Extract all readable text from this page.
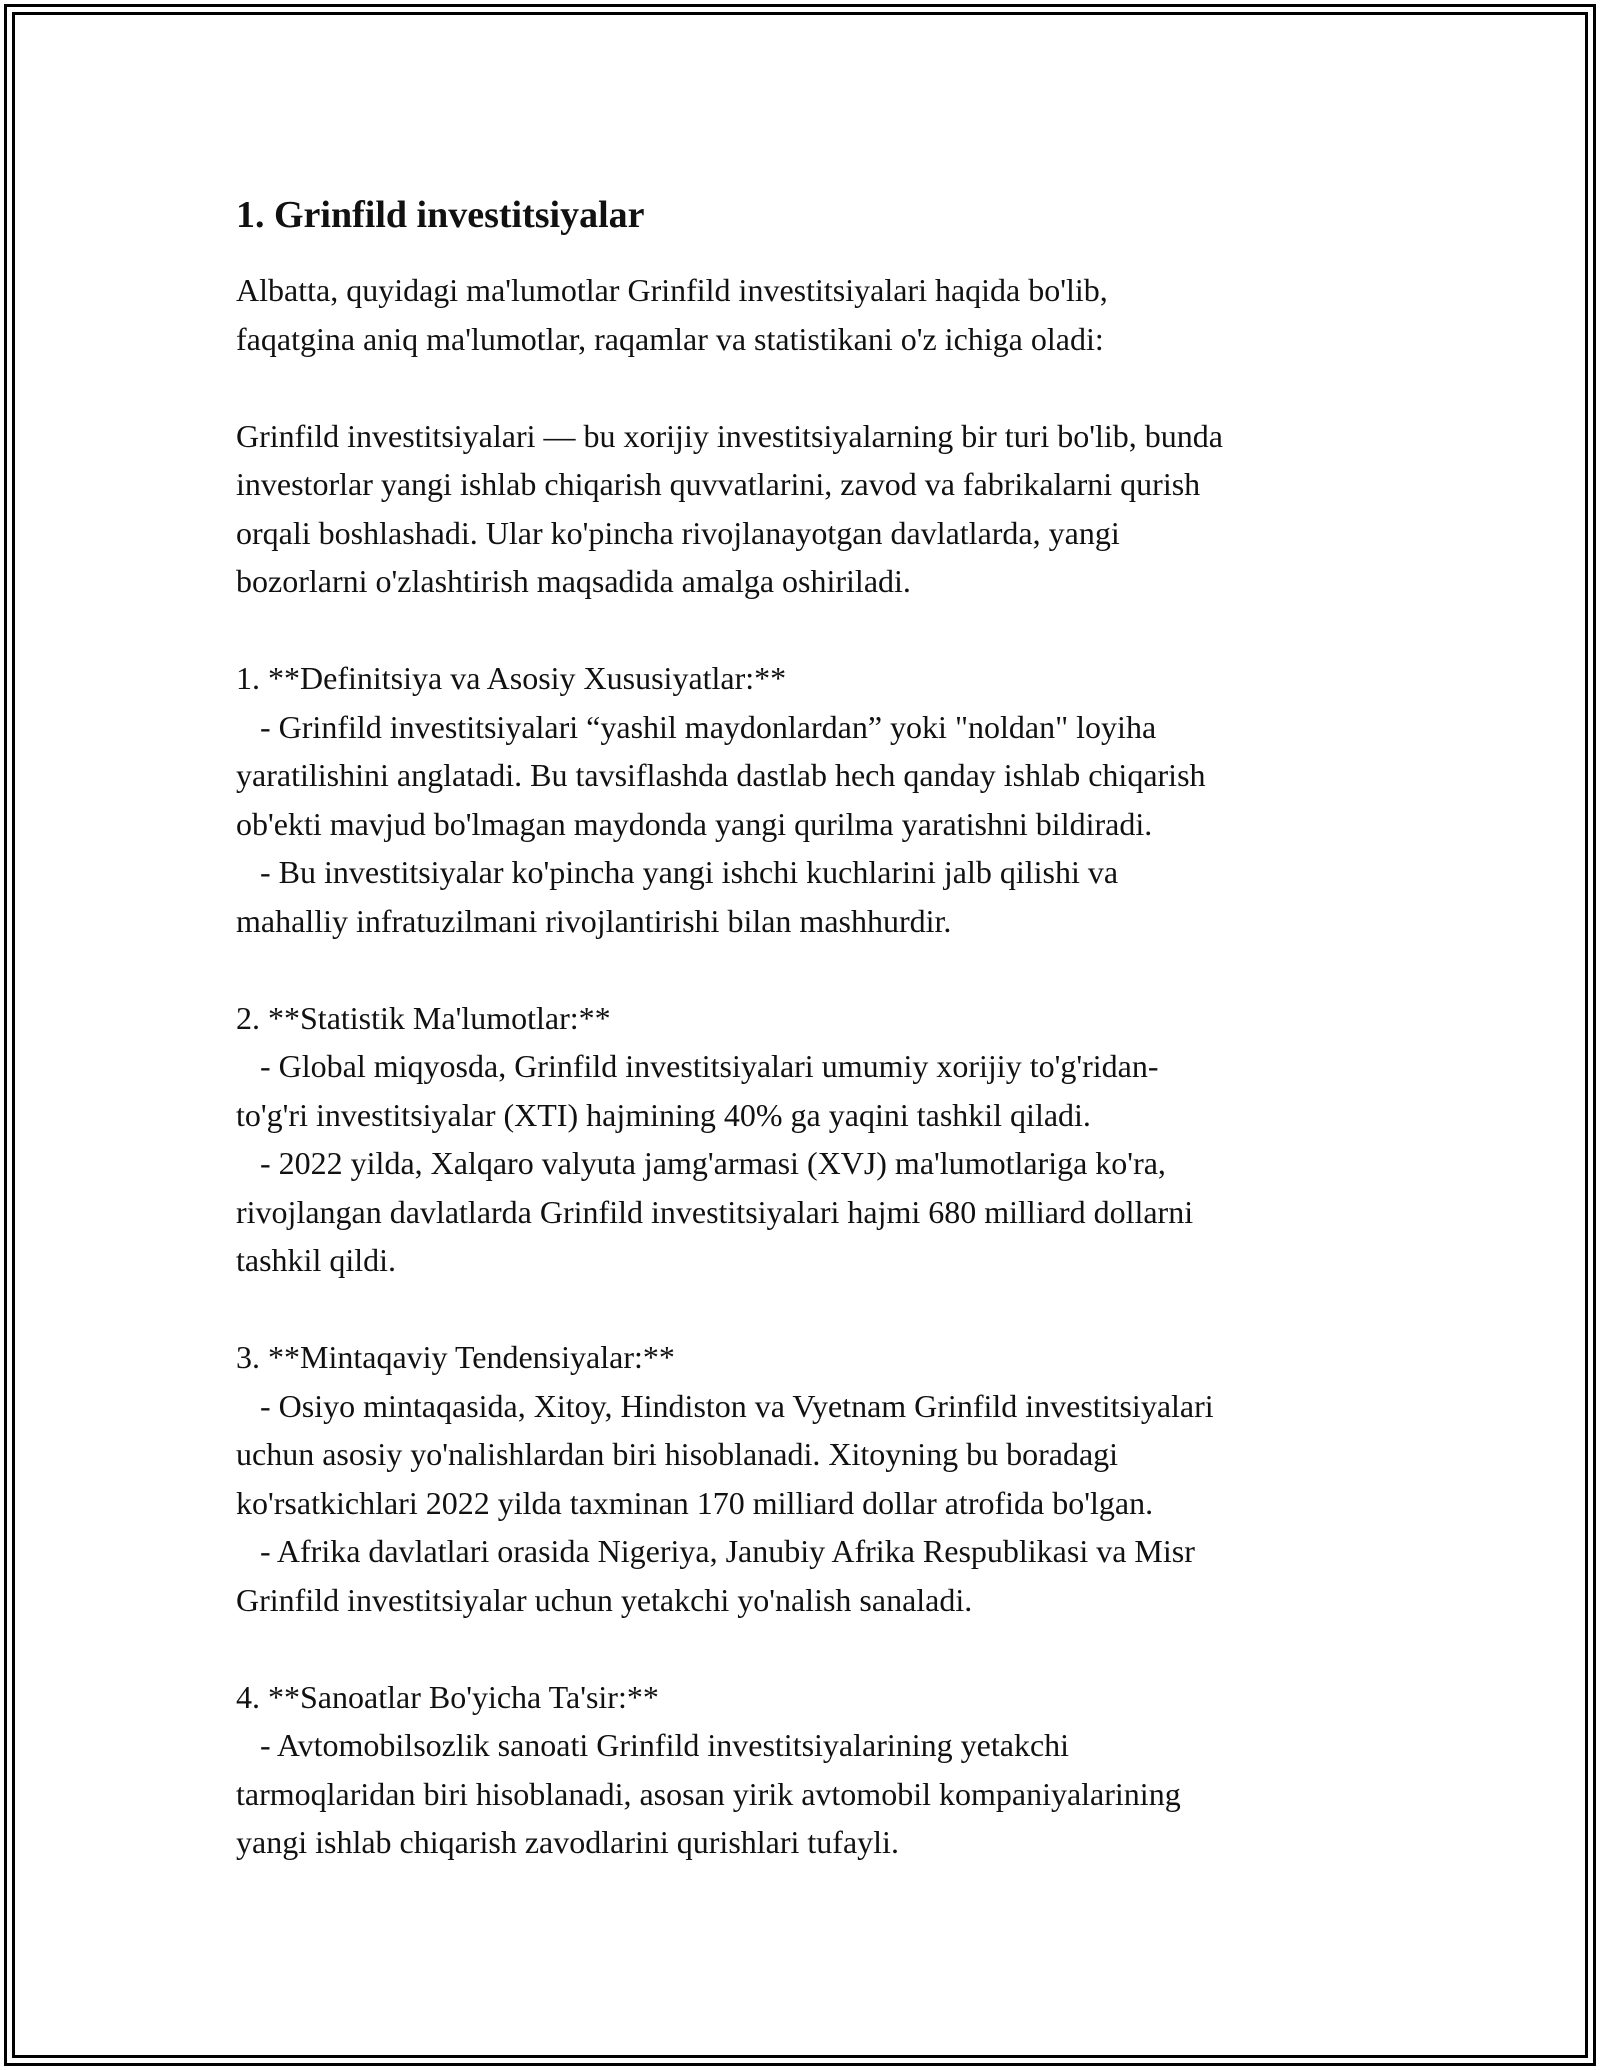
1. Grinfild investitsiyalar
Albatta, quyidagi ma'lumotlar Grinfild investitsiyalari haqida bo'lib,
faqatgina aniq ma'lumotlar, raqamlar va statistikani o'z ichiga oladi:
Grinfild investitsiyalari — bu xorijiy investitsiyalarning bir turi bo'lib, bunda
investorlar yangi ishlab chiqarish quvvatlarini, zavod va fabrikalarni qurish
orqali boshlashadi. Ular ko'pincha rivojlanayotgan davlatlarda, yangi
bozorlarni o'zlashtirish maqsadida amalga oshiriladi.
1. **Definitsiya va Asosiy Xususiyatlar:**
- Grinfild investitsiyalari “yashil maydonlardan” yoki "noldan" loyiha
yaratilishini anglatadi. Bu tavsiflashda dastlab hech qanday ishlab chiqarish
ob'ekti mavjud bo'lmagan maydonda yangi qurilma yaratishni bildiradi.
- Bu investitsiyalar ko'pincha yangi ishchi kuchlarini jalb qilishi va
mahalliy infratuzilmani rivojlantirishi bilan mashhurdir.
2. **Statistik Ma'lumotlar:**
- Global miqyosda, Grinfild investitsiyalari umumiy xorijiy to'g'ridan-
to'g'ri investitsiyalar (XTI) hajmining 40% ga yaqini tashkil qiladi.
- 2022 yilda, Xalqaro valyuta jamg'armasi (XVJ) ma'lumotlariga ko'ra,
rivojlangan davlatlarda Grinfild investitsiyalari hajmi 680 milliard dollarni
tashkil qildi.
3. **Mintaqaviy Tendensiyalar:**
- Osiyo mintaqasida, Xitoy, Hindiston va Vyetnam Grinfild investitsiyalari
uchun asosiy yo'nalishlardan biri hisoblanadi. Xitoyning bu boradagi
ko'rsatkichlari 2022 yilda taxminan 170 milliard dollar atrofida bo'lgan.
- Afrika davlatlari orasida Nigeriya, Janubiy Afrika Respublikasi va Misr
Grinfild investitsiyalar uchun yetakchi yo'nalish sanaladi.
4. **Sanoatlar Bo'yicha Ta'sir:**
- Avtomobilsozlik sanoati Grinfild investitsiyalarining yetakchi
tarmoqlaridan biri hisoblanadi, asosan yirik avtomobil kompaniyalarining
yangi ishlab chiqarish zavodlarini qurishlari tufayli.
